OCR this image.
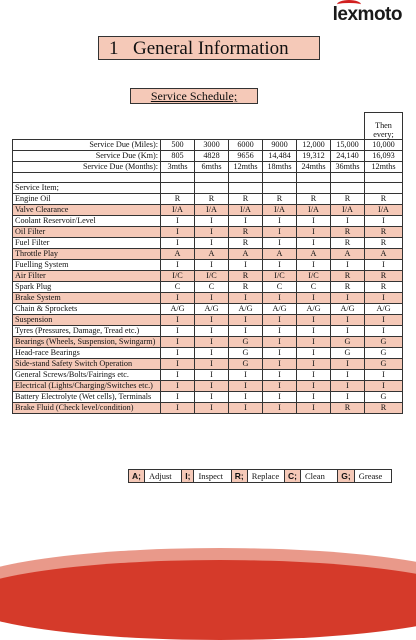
lexmoto
1 General Information
Service Schedule;

							Then
every;

Service Due (Miles):	500	3000	6000	9000	12,000	15,000	10,000
Service Due (Km):	805	4828	9656	14,484	19,312	24,140	16,093
Service Due (Months):	3mths	6mths	12mths	18mths	24mths	36mths	12mths

Service Item;							
Engine Oil	R	R	R	R	R	R	R
Valve Clearance	I/A	I/A	I/A	I/A	I/A	I/A	I/A
Coolant Reservoir/Level	I	I	I	I	I	I	I
Oil Filter	I	I	R	I	I	R	R
Fuel Filter	I	I	R	I	I	R	R
Throttle Play	A	A	A	A	A	A	A
Fuelling System	I	I	I	I	I	I	I
Air Filter	I/C	I/C	R	I/C	I/C	R	R
Spark Plug	C	C	R	C	C	R	R
Brake System	I	I	I	I	I	I	I
Chain & Sprockets	A/G	A/G	A/G	A/G	A/G	A/G	A/G
Suspension	I	I	I	I	I	I	I
Tyres (Pressures, Damage, Tread etc.)	I	I	I	I	I	I	I
Bearings (Wheels, Suspension, Swingarm)	I	I	G	I	I	G	G
Head-race Bearings	I	I	G	I	I	G	G
Side-stand Safety Switch Operation	I	I	G	I	I	I	G
General Screws/Bolts/Fairings etc.	I	I	I	I	I	I	I
Electrical (Lights/Charging/Switches etc.)	I	I	I	I	I	I	I
Battery Electrolyte (Wet cells), Terminals	I	I	I	I	I	I	G
Brake Fluid (Check level/condition)	I	I	I	I	I	R	R
A; Adjust	I; Inspect	R; Replace	C; Clean	G; Grease
